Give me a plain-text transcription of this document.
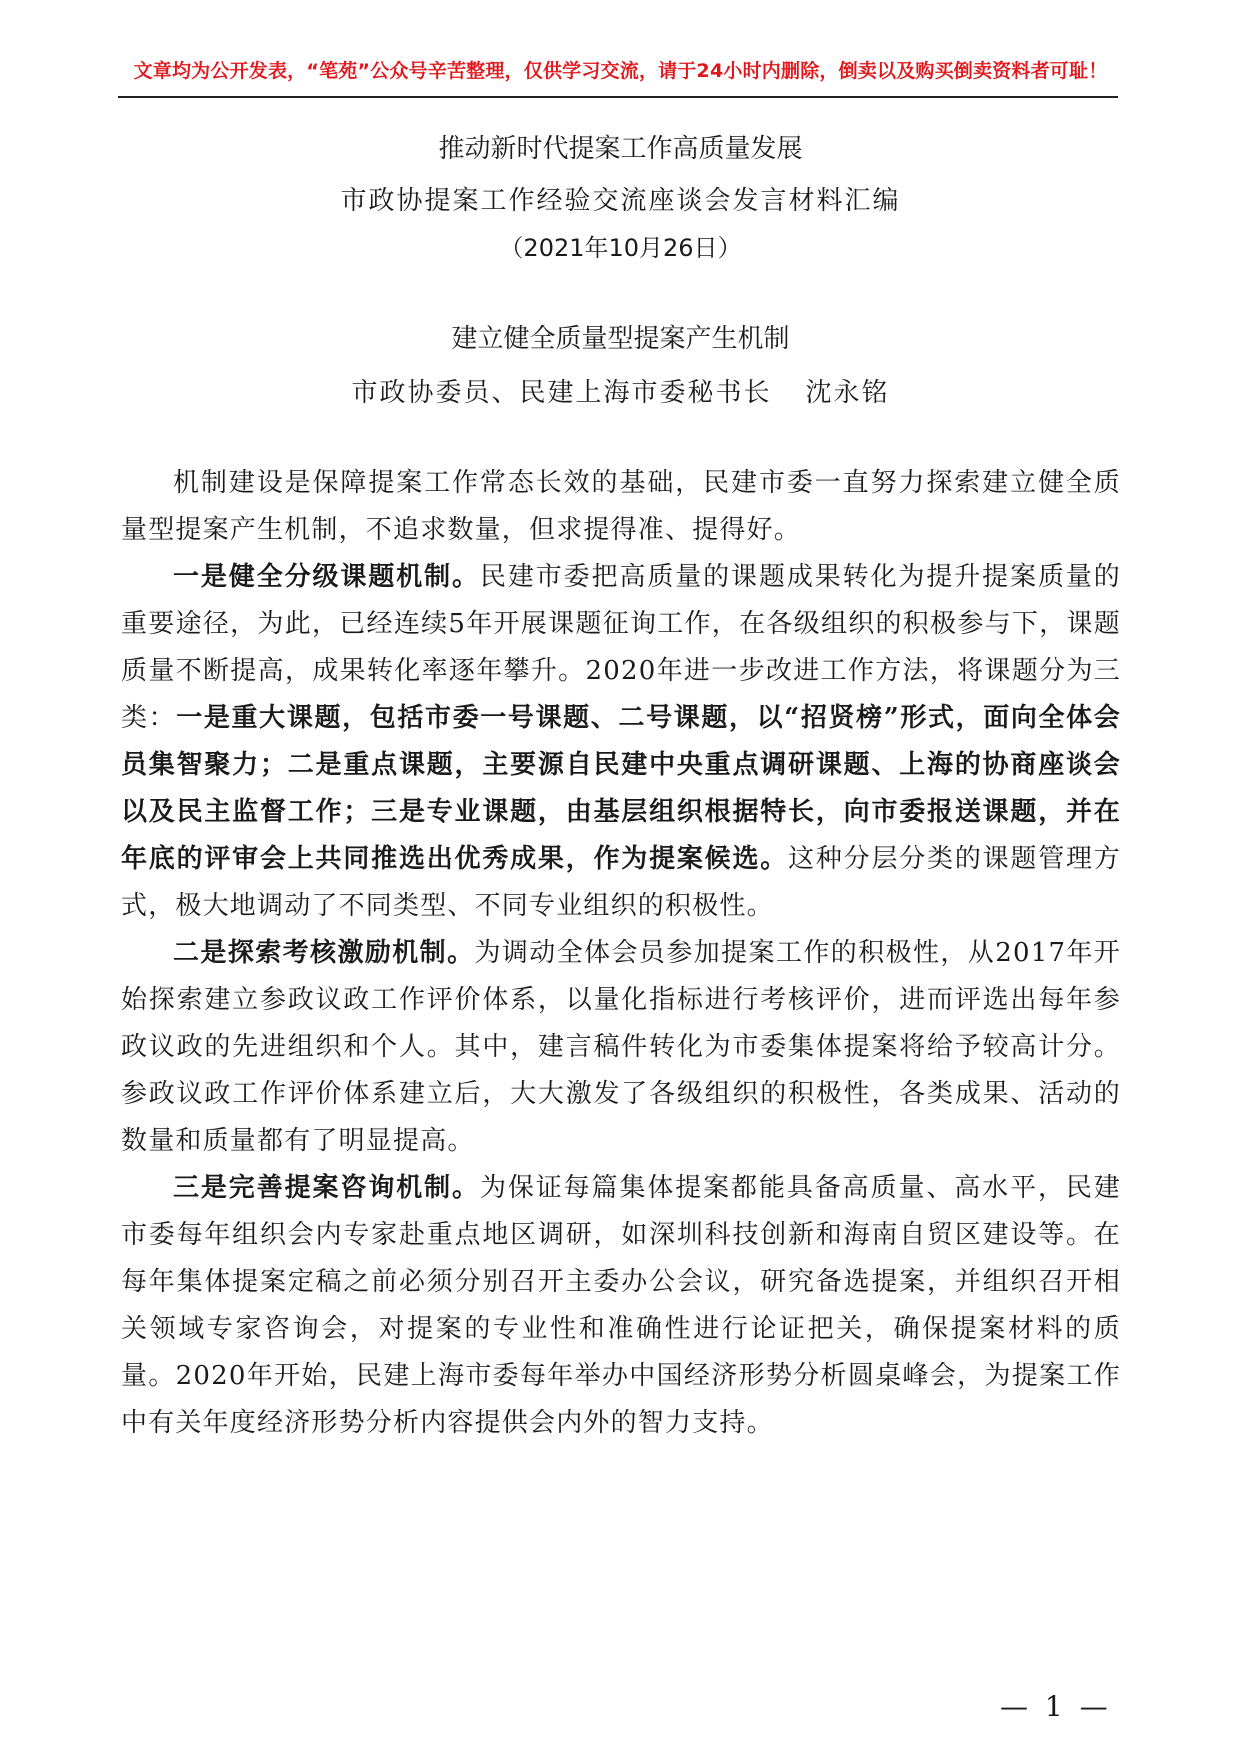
文章均为公开发表，“笔苑”公众号辛苦整理，仅供学习交流，请于24小时内删除，倒卖以及购买倒卖资料者可耻！
推动新时代提案工作高质量发展
市政协提案工作经验交流座谈会发言材料汇编
（2021年10月26日）
建立健全质量型提案产生机制
市政协委员、民建上海市委秘书长 沈永铭

机制建设是保障提案工作常态长效的基础，民建市委一直努力探索建立健全质量型提案产生机制，不追求数量，但求提得准、提得好。

一是健全分级课题机制。民建市委把高质量的课题成果转化为提升提案质量的重要途径，为此，已经连续5年开展课题征询工作，在各级组织的积极参与下，课题质量不断提高，成果转化率逐年攀升。2020年进一步改进工作方法，将课题分为三类：一是重大课题，包括市委一号课题、二号课题，以“招贤榜”形式，面向全体会员集智聚力；二是重点课题，主要源自民建中央重点调研课题、上海的协商座谈会以及民主监督工作；三是专业课题，由基层组织根据特长，向市委报送课题，并在年底的评审会上共同推选出优秀成果，作为提案候选。这种分层分类的课题管理方式，极大地调动了不同类型、不同专业组织的积极性。

二是探索考核激励机制。为调动全体会员参加提案工作的积极性，从2017年开始探索建立参政议政工作评价体系，以量化指标进行考核评价，进而评选出每年参政议政的先进组织和个人。其中，建言稿件转化为市委集体提案将给予较高计分。参政议政工作评价体系建立后，大大激发了各级组织的积极性，各类成果、活动的数量和质量都有了明显提高。

三是完善提案咨询机制。为保证每篇集体提案都能具备高质量、高水平，民建市委每年组织会内专家赴重点地区调研，如深圳科技创新和海南自贸区建设等。在每年集体提案定稿之前必须分别召开主委办公会议，研究备选提案，并组织召开相关领域专家咨询会，对提案的专业性和准确性进行论证把关，确保提案材料的质量。2020年开始，民建上海市委每年举办中国经济形势分析圆桌峰会，为提案工作中有关年度经济形势分析内容提供会内外的智力支持。

— 1 —
